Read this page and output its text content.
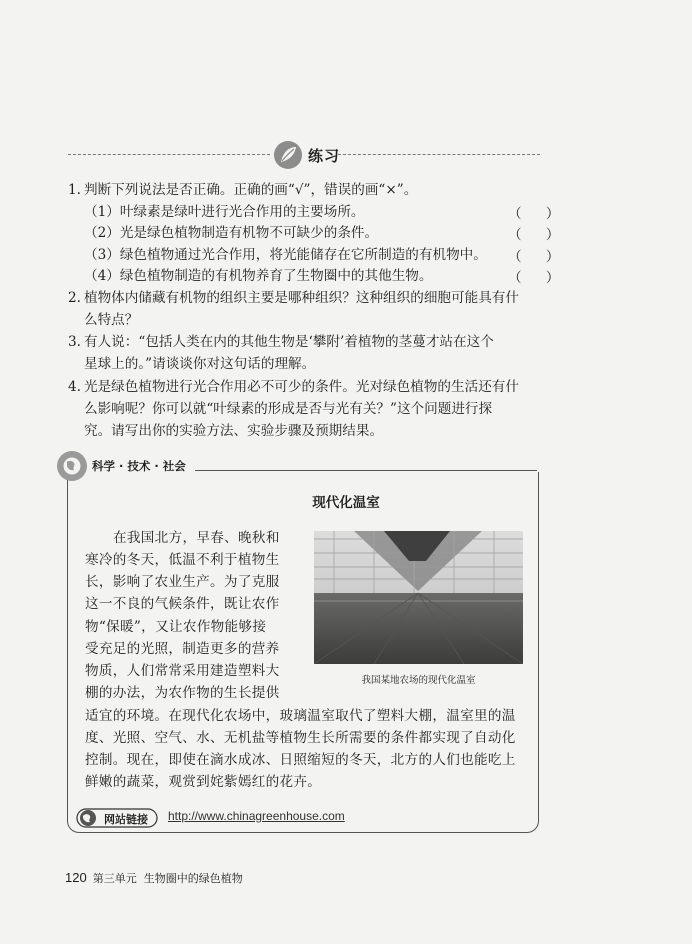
练习
1. 判断下列说法是否正确。正确的画“√”，错误的画“×”。
（1）叶绿素是绿叶进行光合作用的主要场所。	（ ）
（2）光是绿色植物制造有机物不可缺少的条件。	（ ）
（3）绿色植物通过光合作用，将光能储存在它所制造的有机物中。 （ ）
（4）绿色植物制造的有机物养育了生物圈中的其他生物。	（ ）
2. 植物体内储藏有机物的组织主要是哪种组织？这种组织的细胞可能具有什
么特点？
3. 有人说：“包括人类在内的其他生物是‘攀附’着植物的茎蔓才站在这个
星球上的。”请谈谈你对这句话的理解。
4. 光是绿色植物进行光合作用必不可少的条件。光对绿色植物的生活还有什
么影响呢？你可以就“叶绿素的形成是否与光有关？”这个问题进行探
究。请写出你的实验方法、实验步骤及预期结果。
科学 · 技术 · 社会
现代化温室
在我国北方，早春、晚秋和
寒冷的冬天，低温不利于植物生
长，影响了农业生产。为了克服
这一不良的气候条件，既让农作
物“保暖”，又让农作物能够接
受充足的光照，制造更多的营养
物质，人们常常采用建造塑料大
棚的办法，为农作物的生长提供
适宜的环境。在现代化农场中，玻璃温室取代了塑料大棚，温室里的温
度、光照、空气、水、无机盐等植物生长所需要的条件都实现了自动化
控制。现在，即使在滴水成冰、日照缩短的冬天，北方的人们也能吃上
鲜嫩的蔬菜，观赏到姹紫嫣红的花卉。
我国某地农场的现代化温室
网站链接 http://www.chinagreenhouse.com
120 第三单元 生物圈中的绿色植物
